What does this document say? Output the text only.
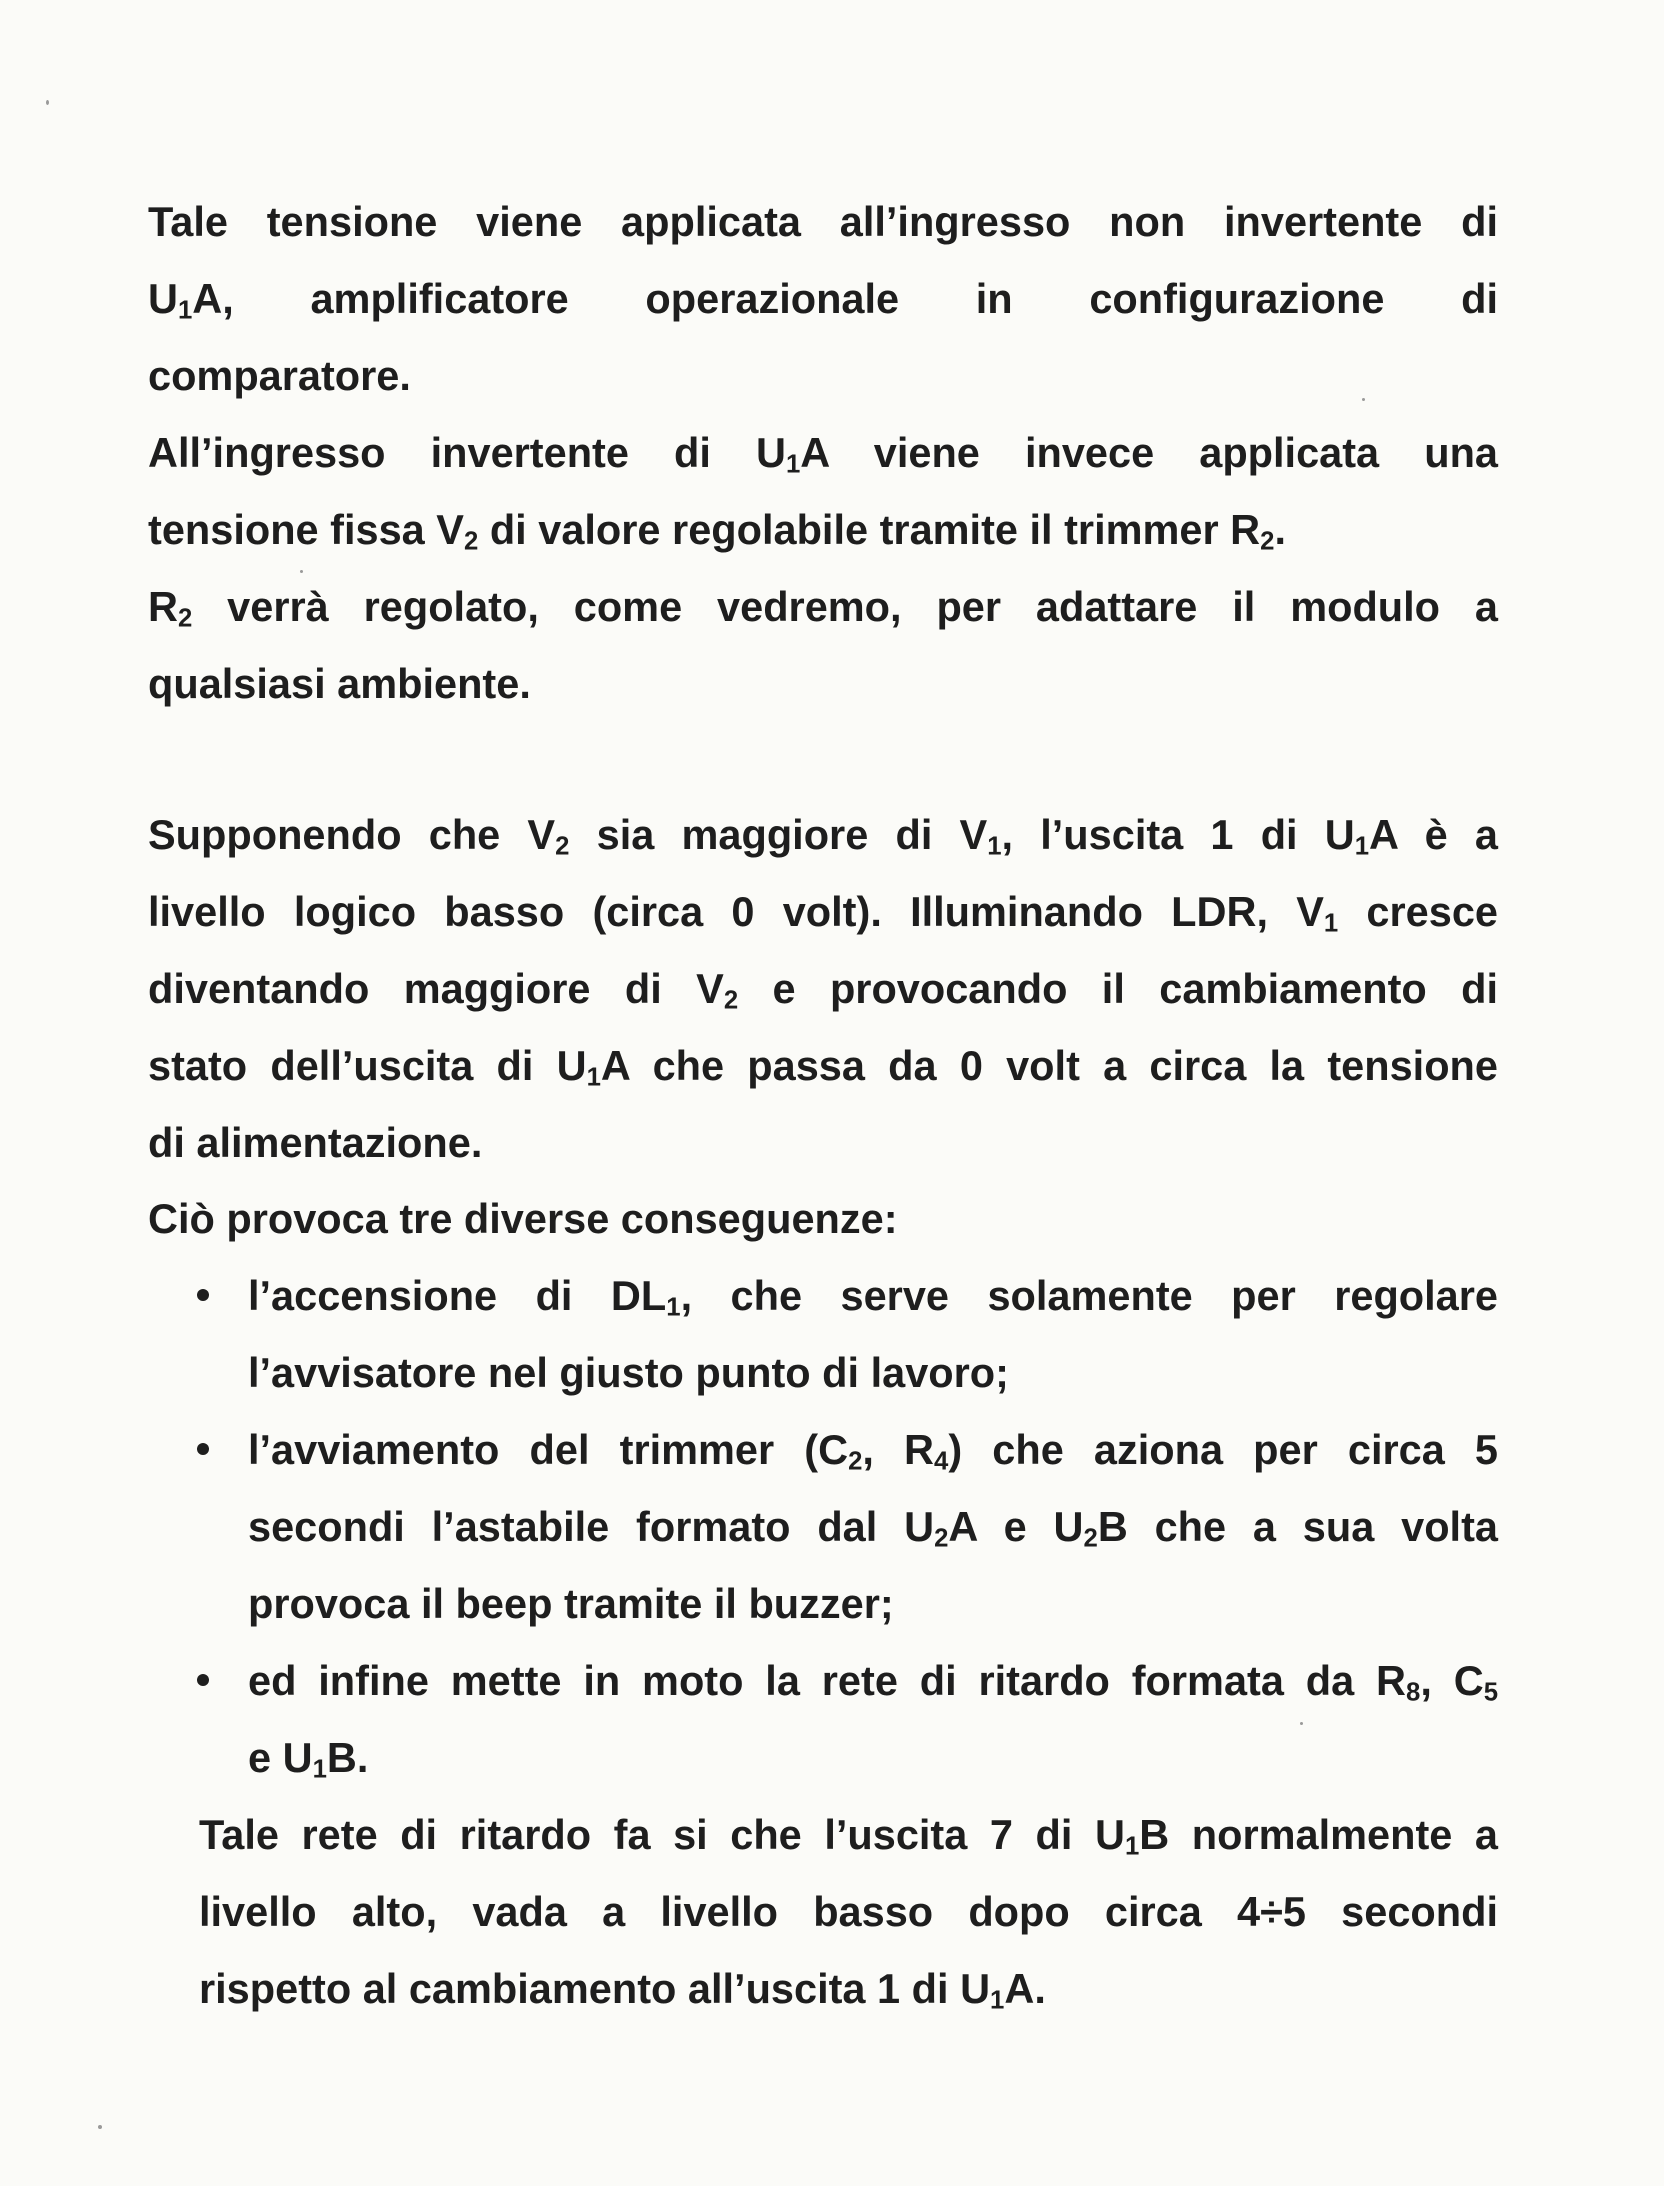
Tale tensione viene applicata all’ingresso non invertente di
$U_1A$, amplificatore operazionale in configurazione di
comparatore.

All’ingresso invertente di $U_1A$ viene invece applicata una
tensione fissa $V_2$ di valore regolabile tramite il trimmer $R_2$.

$R_2$ verrà regolato, come vedremo, per adattare il modulo a
qualsiasi ambiente.

Supponendo che $V_2$ sia maggiore di $V_1$, l’uscita 1 di $U_1A$ è a
livello logico basso (circa 0 volt). Illuminando LDR, $V_1$ cresce
diventando maggiore di $V_2$ e provocando il cambiamento di
stato dell’uscita di $U_1A$ che passa da 0 volt a circa la tensione
di alimentazione.

Ciò provoca tre diverse conseguenze:

l’accensione di $DL_1$, che serve solamente per regolare
l’avvisatore nel giusto punto di lavoro;
l’avviamento del trimmer ($C_2$, $R_4$) che aziona per circa 5
secondi l’astabile formato dal $U_2A$ e $U_2B$ che a sua volta
provoca il beep tramite il buzzer;
ed infine mette in moto la rete di ritardo formata da $R_8$, $C_5$
e $U_1B$.

Tale rete di ritardo fa si che l’uscita 7 di $U_1B$ normalmente a
livello alto, vada a livello basso dopo circa 4÷5 secondi
rispetto al cambiamento all’uscita 1 di $U_1A$.
